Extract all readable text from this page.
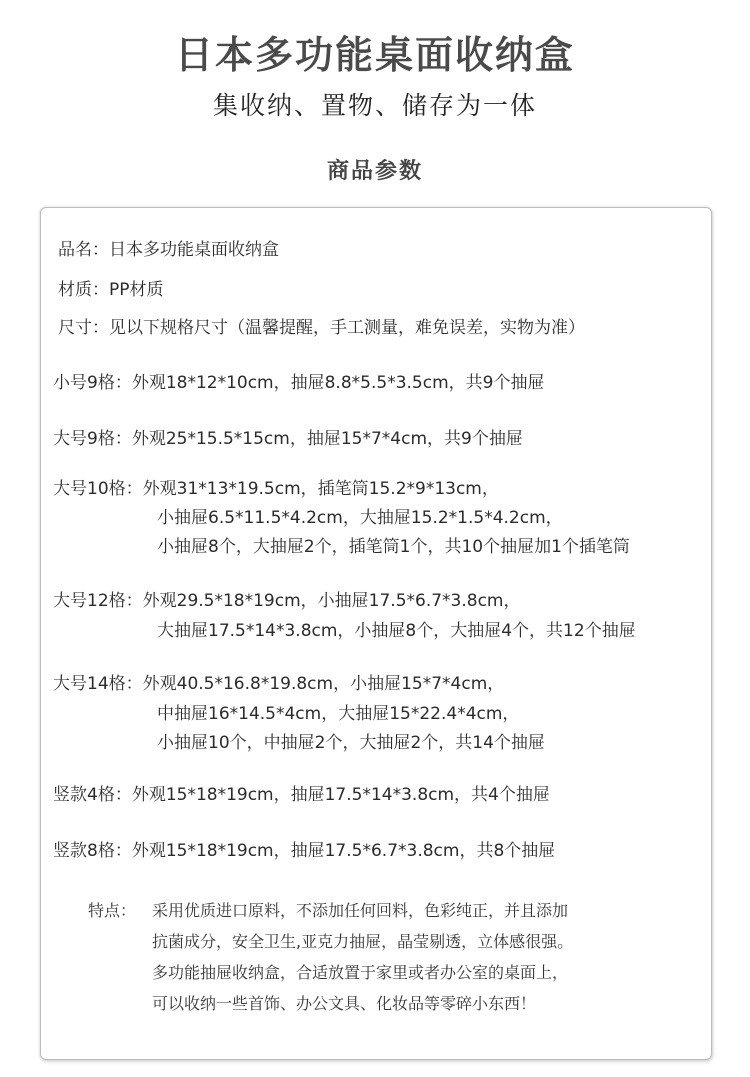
日本多功能桌面收纳盒
集收纳、置物、储存为一体
商品参数
品名：日本多功能桌面收纳盒
材质：PP材质
尺寸：见以下规格尺寸（温馨提醒，手工测量，难免误差，实物为准）
小号9格：外观18*12*10cm，抽屉8.8*5.5*3.5cm，共9个抽屉
大号9格：外观25*15.5*15cm，抽屉15*7*4cm，共9个抽屉
大号10格：外观31*13*19.5cm，插笔筒15.2*9*13cm，
小抽屉6.5*11.5*4.2cm，大抽屉15.2*1.5*4.2cm，
小抽屉8个，大抽屉2个，插笔筒1个，共10个抽屉加1个插笔筒
大号12格：外观29.5*18*19cm，小抽屉17.5*6.7*3.8cm，
大抽屉17.5*14*3.8cm，小抽屉8个，大抽屉4个，共12个抽屉
大号14格：外观40.5*16.8*19.8cm，小抽屉15*7*4cm，
中抽屉16*14.5*4cm，大抽屉15*22.4*4cm，
小抽屉10个，中抽屉2个，大抽屉2个，共14个抽屉
竖款4格：外观15*18*19cm，抽屉17.5*14*3.8cm，共4个抽屉
竖款8格：外观15*18*19cm，抽屉17.5*6.7*3.8cm，共8个抽屉
特点： 采用优质进口原料，不添加任何回料，色彩纯正，并且添加
抗菌成分，安全卫生,亚克力抽屉，晶莹剔透，立体感很强。
多功能抽屉收纳盒，合适放置于家里或者办公室的桌面上，
可以收纳一些首饰、办公文具、化妆品等零碎小东西！
